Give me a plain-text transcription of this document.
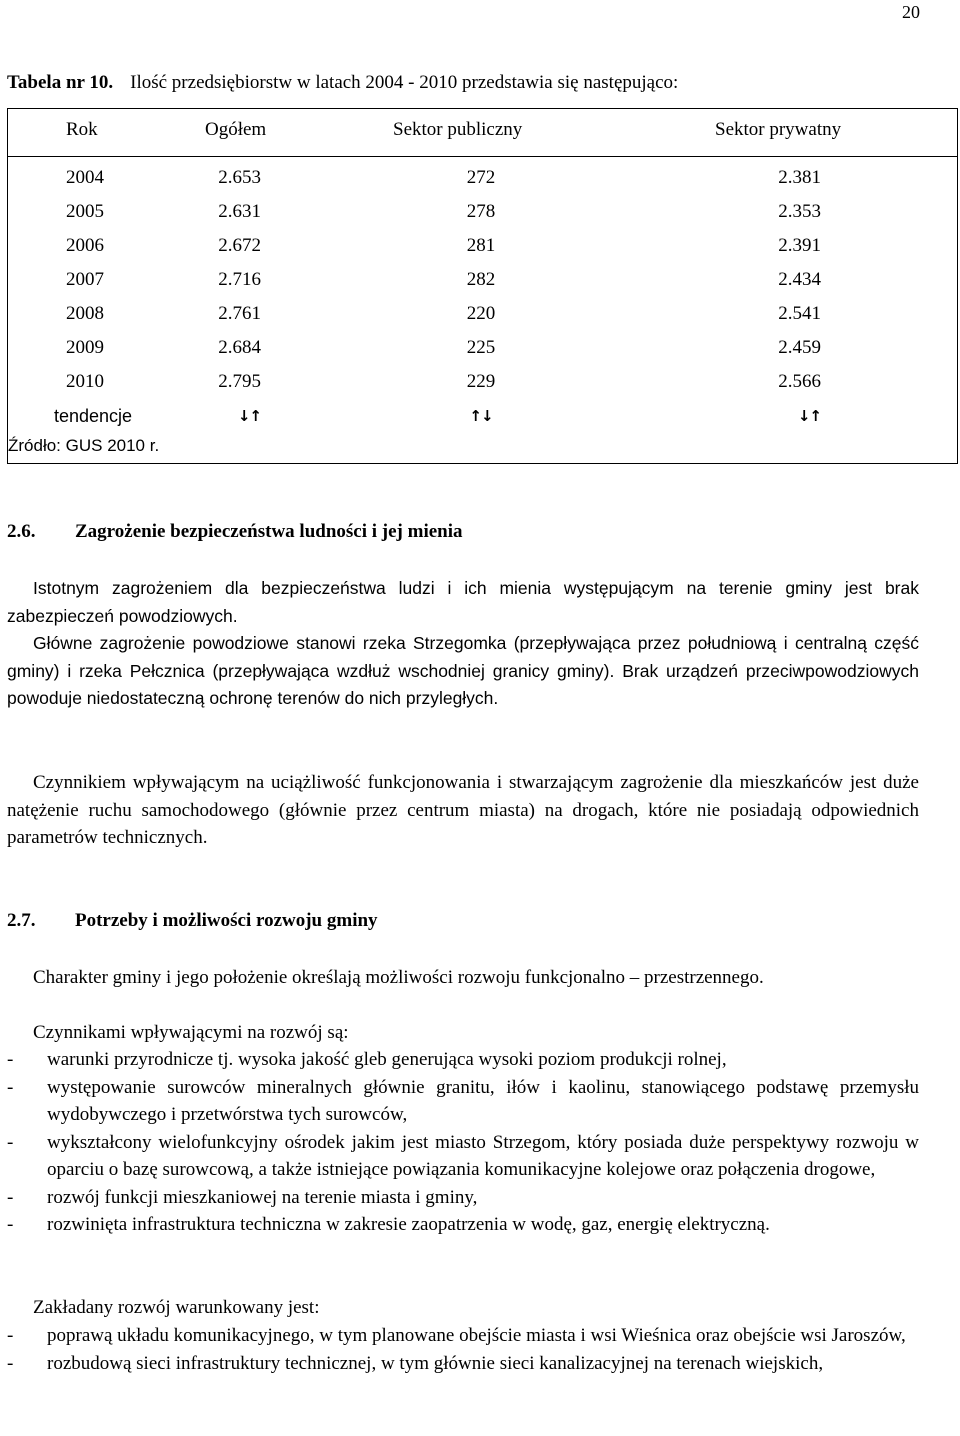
20
Tabela nr 10. Ilość przedsiębiorstw w latach 2004 - 2010 przedstawia się następująco:
Rok	Ogółem	Sektor publiczny	Sektor prywatny
2004	2.653	272	2.381
2005	2.631	278	2.353
2006	2.672	281	2.391
2007	2.716	282	2.434
2008	2.761	220	2.541
2009	2.684	225	2.459
2010	2.795	229	2.566
tendencje	↓↑	↑↓	↓↑
Źródło: GUS 2010 r.
2.6. Zagrożenie bezpieczeństwa ludności i jej mienia

Istotnym zagrożeniem dla bezpieczeństwa ludzi i ich mienia występującym na terenie gminy jest brak zabezpieczeń powodziowych.

Główne zagrożenie powodziowe stanowi rzeka Strzegomka (przepływająca przez południową i centralną część gminy) i rzeka Pełcznica (przepływająca wzdłuż wschodniej granicy gminy). Brak urządzeń przeciwpowodziowych powoduje niedostateczną ochronę terenów do nich przyległych.

Czynnikiem wpływającym na uciążliwość funkcjonowania i stwarzającym zagrożenie dla mieszkańców jest duże natężenie ruchu samochodowego (głównie przez centrum miasta) na drogach, które nie posiadają odpowiednich parametrów technicznych.

2.7. Potrzeby i możliwości rozwoju gminy

Charakter gminy i jego położenie określają możliwości rozwoju funkcjonalno – przestrzennego.

Czynnikami wpływającymi na rozwój są:

- warunki przyrodnicze tj. wysoka jakość gleb generująca wysoki poziom produkcji rolnej,
- występowanie surowców mineralnych głównie granitu, iłów i kaolinu, stanowiącego podstawę przemysłu wydobywczego i przetwórstwa tych surowców,
- wykształcony wielofunkcyjny ośrodek jakim jest miasto Strzegom, który posiada duże perspektywy rozwoju w oparciu o bazę surowcową, a także istniejące powiązania komunikacyjne kolejowe oraz połączenia drogowe,
- rozwój funkcji mieszkaniowej na terenie miasta i gminy,
- rozwinięta infrastruktura techniczna w zakresie zaopatrzenia w wodę, gaz, energię elektryczną.

Zakładany rozwój warunkowany jest:

- poprawą układu komunikacyjnego, w tym planowane obejście miasta i wsi Wieśnica oraz obejście wsi Jaroszów,
- rozbudową sieci infrastruktury technicznej, w tym głównie sieci kanalizacyjnej na terenach wiejskich,
